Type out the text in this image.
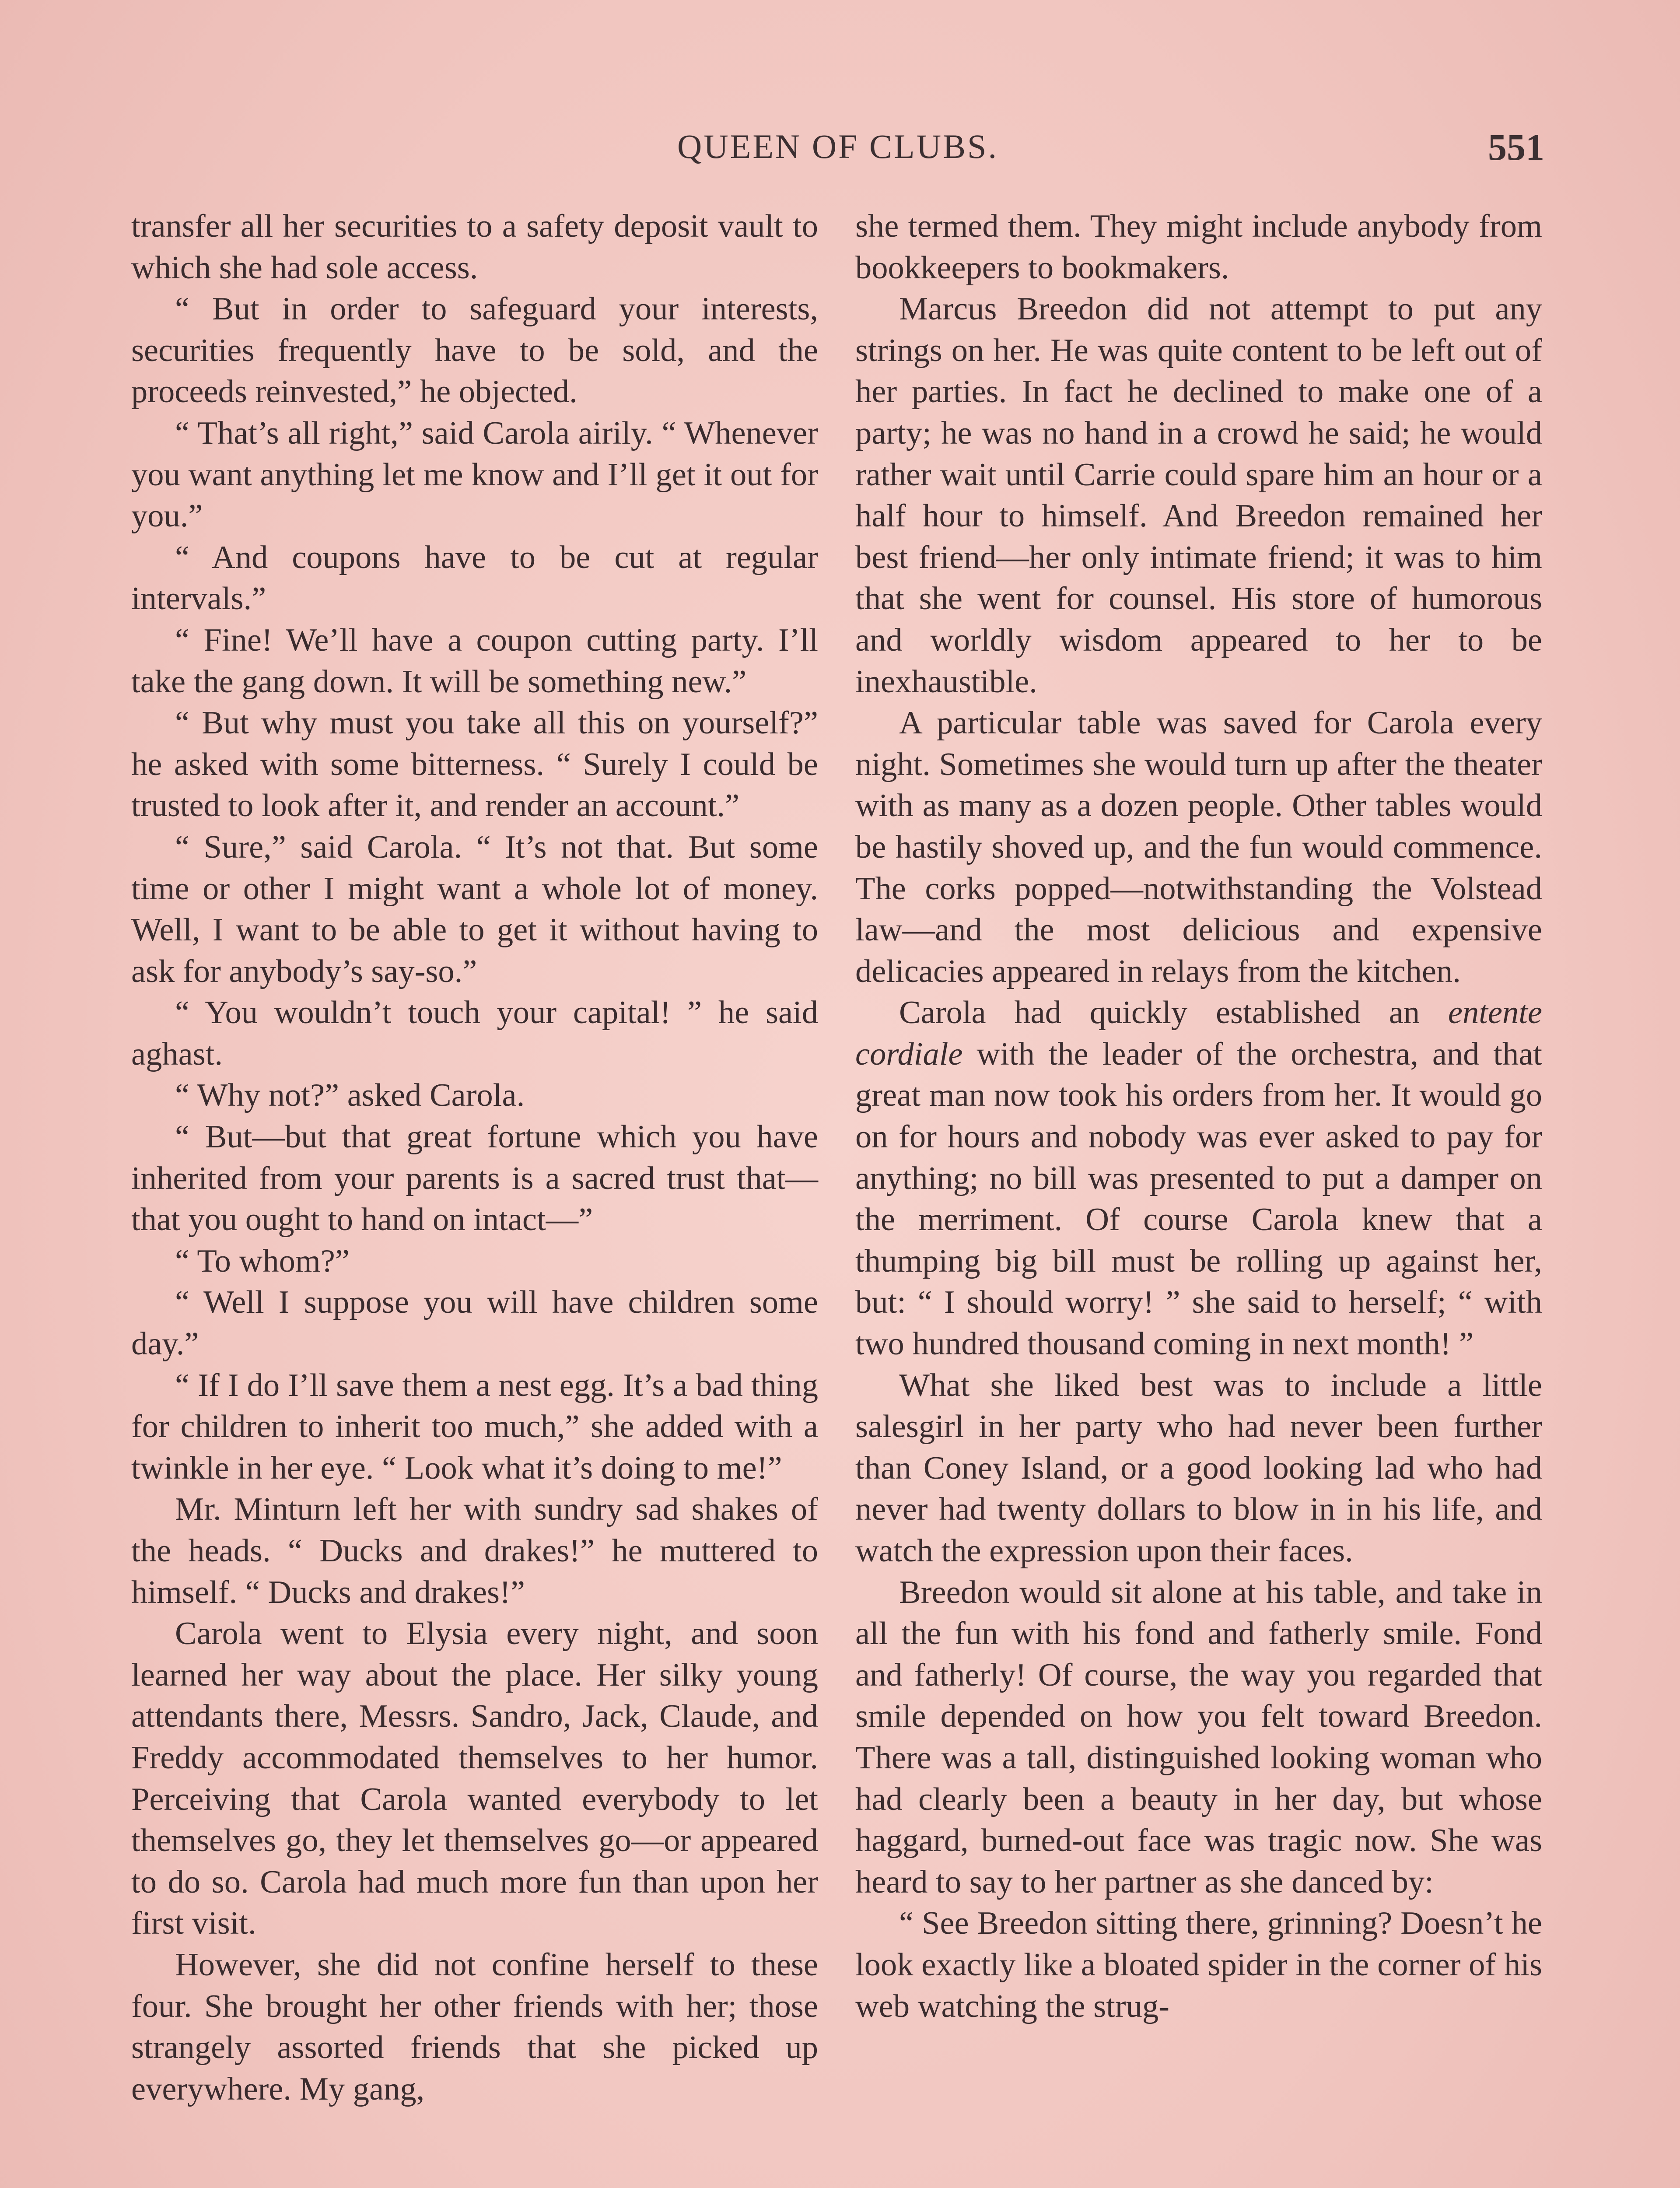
QUEEN OF CLUBS.	551

transfer all her securities to a safety deposit vault to which she had sole access.

“ But in order to safeguard your interests, securities frequently have to be sold, and the proceeds reinvested,” he objected.

“ That’s all right,” said Carola airily. “ Whenever you want anything let me know and I’ll get it out for you.”

“ And coupons have to be cut at regular intervals.”

“ Fine! We’ll have a coupon cutting party. I’ll take the gang down. It will be something new.”

“ But why must you take all this on yourself?” he asked with some bitterness. “ Surely I could be trusted to look after it, and render an account.”

“ Sure,” said Carola. “ It’s not that. But some time or other I might want a whole lot of money. Well, I want to be able to get it without having to ask for anybody’s say-so.”

“ You wouldn’t touch your capital! ” he said aghast.

“ Why not?” asked Carola.

“ But—but that great fortune which you have inherited from your parents is a sacred trust that—that you ought to hand on intact—”

“ To whom?”

“ Well I suppose you will have children some day.”

“ If I do I’ll save them a nest egg. It’s a bad thing for children to inherit too much,” she added with a twinkle in her eye. “ Look what it’s doing to me!”

Mr. Minturn left her with sundry sad shakes of the heads. “ Ducks and drakes!” he muttered to himself. “ Ducks and drakes!”

Carola went to Elysia every night, and soon learned her way about the place. Her silky young attendants there, Messrs. Sandro, Jack, Claude, and Freddy accommodated themselves to her humor. Perceiving that Carola wanted everybody to let themselves go, they let themselves go—or appeared to do so. Carola had much more fun than upon her first visit.

However, she did not confine herself to these four. She brought her other friends with her; those strangely assorted friends that she picked up everywhere. My gang,

she termed them. They might include anybody from bookkeepers to bookmakers.

Marcus Breedon did not attempt to put any strings on her. He was quite content to be left out of her parties. In fact he declined to make one of a party; he was no hand in a crowd he said; he would rather wait until Carrie could spare him an hour or a half hour to himself. And Breedon remained her best friend—her only intimate friend; it was to him that she went for counsel. His store of humorous and worldly wisdom appeared to her to be inexhaustible.

A particular table was saved for Carola every night. Sometimes she would turn up after the theater with as many as a dozen people. Other tables would be hastily shoved up, and the fun would commence. The corks popped—notwithstanding the Volstead law—and the most delicious and expensive delicacies appeared in relays from the kitchen.

Carola had quickly established an entente cordiale with the leader of the orchestra, and that great man now took his orders from her. It would go on for hours and nobody was ever asked to pay for anything; no bill was presented to put a damper on the merriment. Of course Carola knew that a thumping big bill must be rolling up against her, but: “ I should worry! ” she said to herself; “ with two hundred thousand coming in next month! ”

What she liked best was to include a little salesgirl in her party who had never been further than Coney Island, or a good looking lad who had never had twenty dollars to blow in in his life, and watch the expression upon their faces.

Breedon would sit alone at his table, and take in all the fun with his fond and fatherly smile. Fond and fatherly! Of course, the way you regarded that smile depended on how you felt toward Breedon. There was a tall, distinguished looking woman who had clearly been a beauty in her day, but whose haggard, burned-out face was tragic now. She was heard to say to her partner as she danced by:

“ See Breedon sitting there, grinning? Doesn’t he look exactly like a bloated spider in the corner of his web watching the strug-
